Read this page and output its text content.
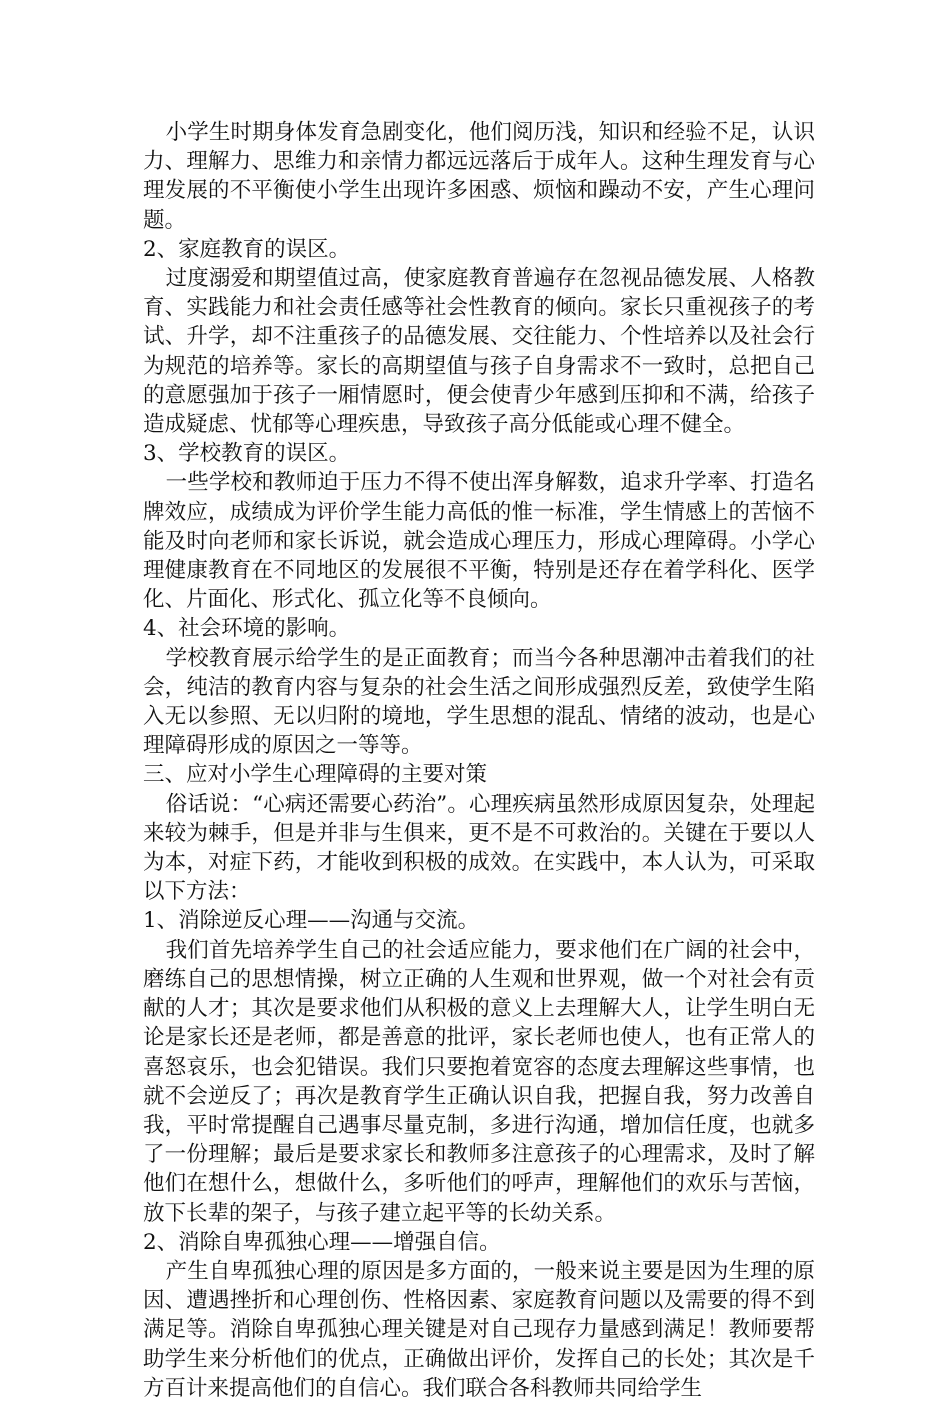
小学生时期身体发育急剧变化，他们阅历浅，知识和经验不足，认识力、理解力、思维力和亲情力都远远落后于成年人。这种生理发育与心理发展的不平衡使小学生出现许多困惑、烦恼和躁动不安，产生心理问题。

2、家庭教育的误区。

过度溺爱和期望值过高，使家庭教育普遍存在忽视品德发展、人格教育、实践能力和社会责任感等社会性教育的倾向。家长只重视孩子的考试、升学，却不注重孩子的品德发展、交往能力、个性培养以及社会行为规范的培养等。家长的高期望值与孩子自身需求不一致时，总把自己的意愿强加于孩子一厢情愿时，便会使青少年感到压抑和不满，给孩子造成疑虑、忧郁等心理疾患，导致孩子高分低能或心理不健全。

3、学校教育的误区。

一些学校和教师迫于压力不得不使出浑身解数，追求升学率、打造名牌效应，成绩成为评价学生能力高低的惟一标准，学生情感上的苦恼不能及时向老师和家长诉说，就会造成心理压力，形成心理障碍。小学心理健康教育在不同地区的发展很不平衡，特别是还存在着学科化、医学化、片面化、形式化、孤立化等不良倾向。

4、社会环境的影响。

学校教育展示给学生的是正面教育；而当今各种思潮冲击着我们的社会，纯洁的教育内容与复杂的社会生活之间形成强烈反差，致使学生陷入无以参照、无以归附的境地，学生思想的混乱、情绪的波动，也是心理障碍形成的原因之一等等。

三、应对小学生心理障碍的主要对策

俗话说：“心病还需要心药治”。心理疾病虽然形成原因复杂，处理起来较为棘手，但是并非与生俱来，更不是不可救治的。关键在于要以人为本，对症下药，才能收到积极的成效。在实践中，本人认为，可采取以下方法：

1、消除逆反心理——沟通与交流。

我们首先培养学生自己的社会适应能力，要求他们在广阔的社会中，磨练自己的思想情操，树立正确的人生观和世界观，做一个对社会有贡献的人才；其次是要求他们从积极的意义上去理解大人，让学生明白无论是家长还是老师，都是善意的批评，家长老师也使人，也有正常人的喜怒哀乐，也会犯错误。我们只要抱着宽容的态度去理解这些事情，也就不会逆反了；再次是教育学生正确认识自我，把握自我，努力改善自我，平时常提醒自己遇事尽量克制，多进行沟通，增加信任度，也就多了一份理解；最后是要求家长和教师多注意孩子的心理需求，及时了解他们在想什么，想做什么，多听他们的呼声，理解他们的欢乐与苦恼，放下长辈的架子，与孩子建立起平等的长幼关系。

2、消除自卑孤独心理——增强自信。

产生自卑孤独心理的原因是多方面的，一般来说主要是因为生理的原因、遭遇挫折和心理创伤、性格因素、家庭教育问题以及需要的得不到满足等。消除自卑孤独心理关键是对自己现存力量感到满足！教师要帮助学生来分析他们的优点，正确做出评价，发挥自己的长处；其次是千方百计来提高他们的自信心。我们联合各科教师共同给学生
